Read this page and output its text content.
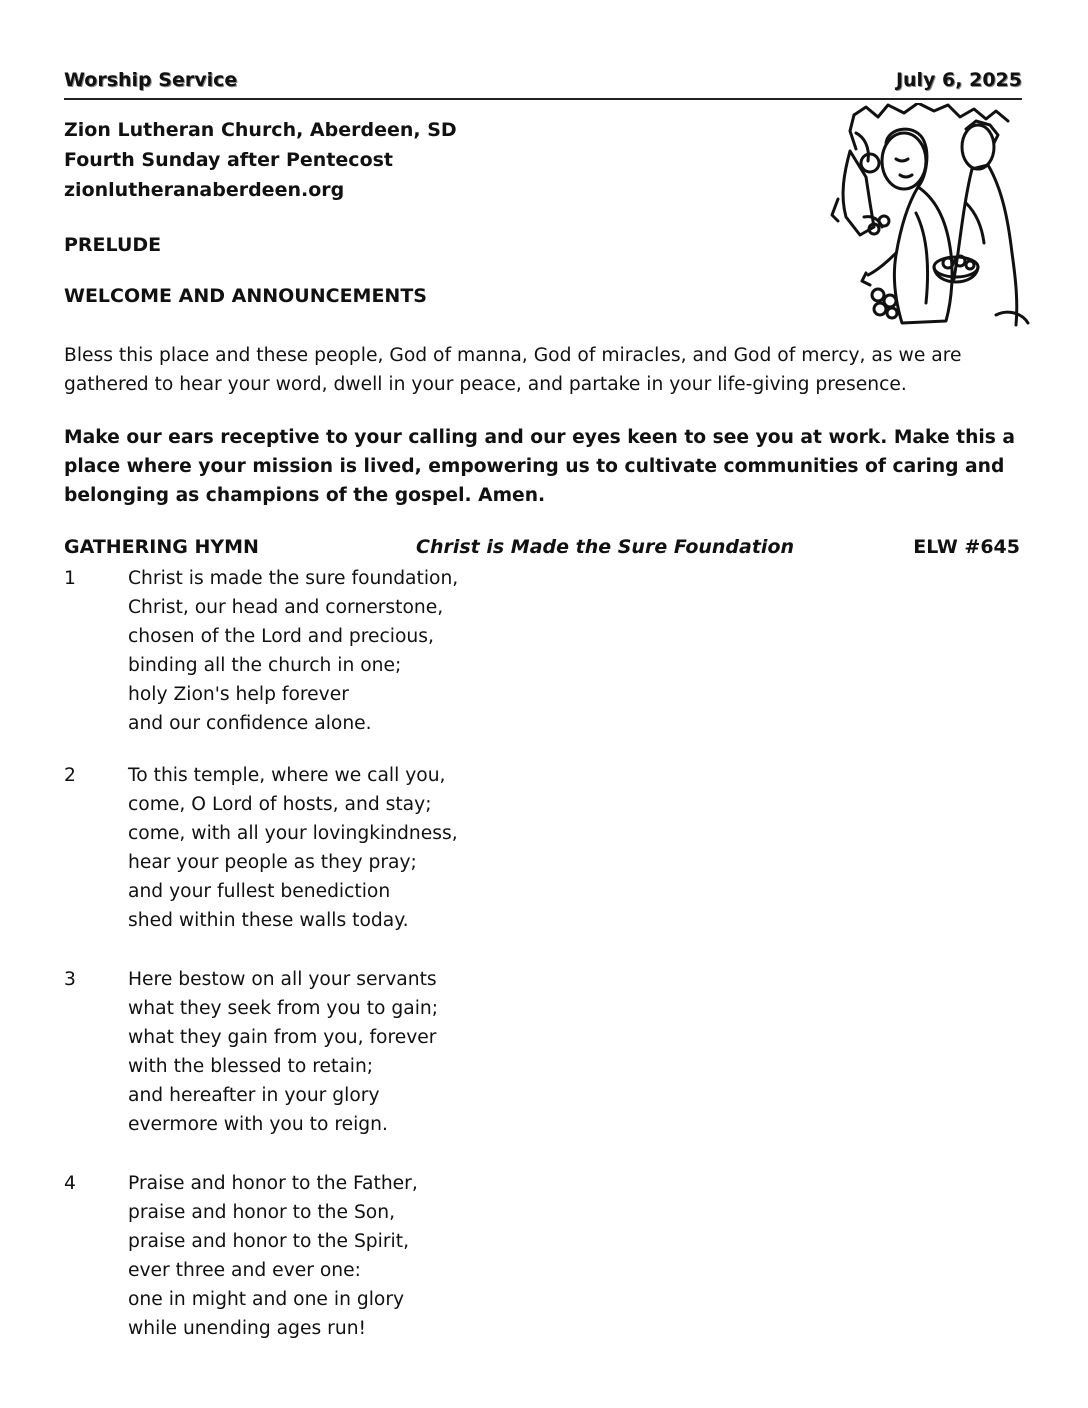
Worship Service	July 6, 2025
Zion Lutheran Church, Aberdeen, SD
Fourth Sunday after Pentecost
zionlutheranaberdeen.org
PRELUDE
WELCOME AND ANNOUNCEMENTS
Bless this place and these people, God of manna, God of miracles, and God of mercy, as we are gathered to hear your word, dwell in your peace, and partake in your life-giving presence.
Make our ears receptive to your calling and our eyes keen to see you at work. Make this a place where your mission is lived, empowering us to cultivate communities of caring and belonging as champions of the gospel. Amen.
GATHERING HYMN	Christ is Made the Sure Foundation	ELW #645
1	Christ is made the sure foundation,
Christ, our head and cornerstone,
chosen of the Lord and precious,
binding all the church in one;
holy Zion's help forever
and our confidence alone.
2	To this temple, where we call you,
come, O Lord of hosts, and stay;
come, with all your lovingkindness,
hear your people as they pray;
and your fullest benediction
shed within these walls today.
3	Here bestow on all your servants
what they seek from you to gain;
what they gain from you, forever
with the blessed to retain;
and hereafter in your glory
evermore with you to reign.
4	Praise and honor to the Father,
praise and honor to the Son,
praise and honor to the Spirit,
ever three and ever one:
one in might and one in glory
while unending ages run!
